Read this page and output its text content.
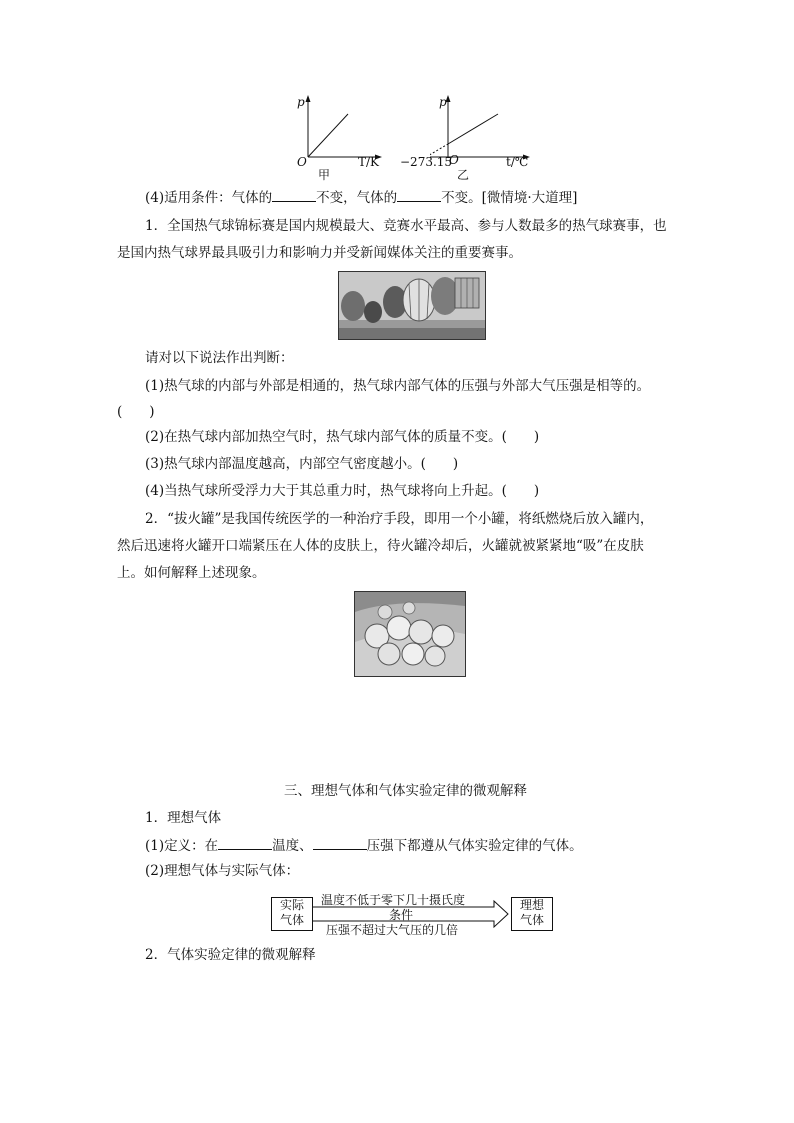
p
O	T/K
甲
p
−273.15
O	t/℃
乙
(4)适用条件：气体的	不变，气体的	不变。[微情境·大道理]
1．全国热气球锦标赛是国内规模最大、竞赛水平最高、参与人数最多的热气球赛事，也
是国内热气球界最具吸引力和影响力并受新闻媒体关注的重要赛事。
请对以下说法作出判断：
(1)热气球的内部与外部是相通的，热气球内部气体的压强与外部大气压强是相等的。
(　　)
(2)在热气球内部加热空气时，热气球内部气体的质量不变。(　　)
(3)热气球内部温度越高，内部空气密度越小。(　　)
(4)当热气球所受浮力大于其总重力时，热气球将向上升起。(　　)
2．“拔火罐”是我国传统医学的一种治疗手段，即用一个小罐，将纸燃烧后放入罐内，
然后迅速将火罐开口端紧压在人体的皮肤上，待火罐冷却后，火罐就被紧紧地“吸”在皮肤
上。如何解释上述现象。
三、理想气体和气体实验定律的微观解释
1．理想气体
(1)定义：在	温度、	压强下都遵从气体实验定律的气体。
(2)理想气体与实际气体：
实际
气体
温度不低于零下几十摄氏度
条件
压强不超过大气压的几倍
理想
气体
2．气体实验定律的微观解释
